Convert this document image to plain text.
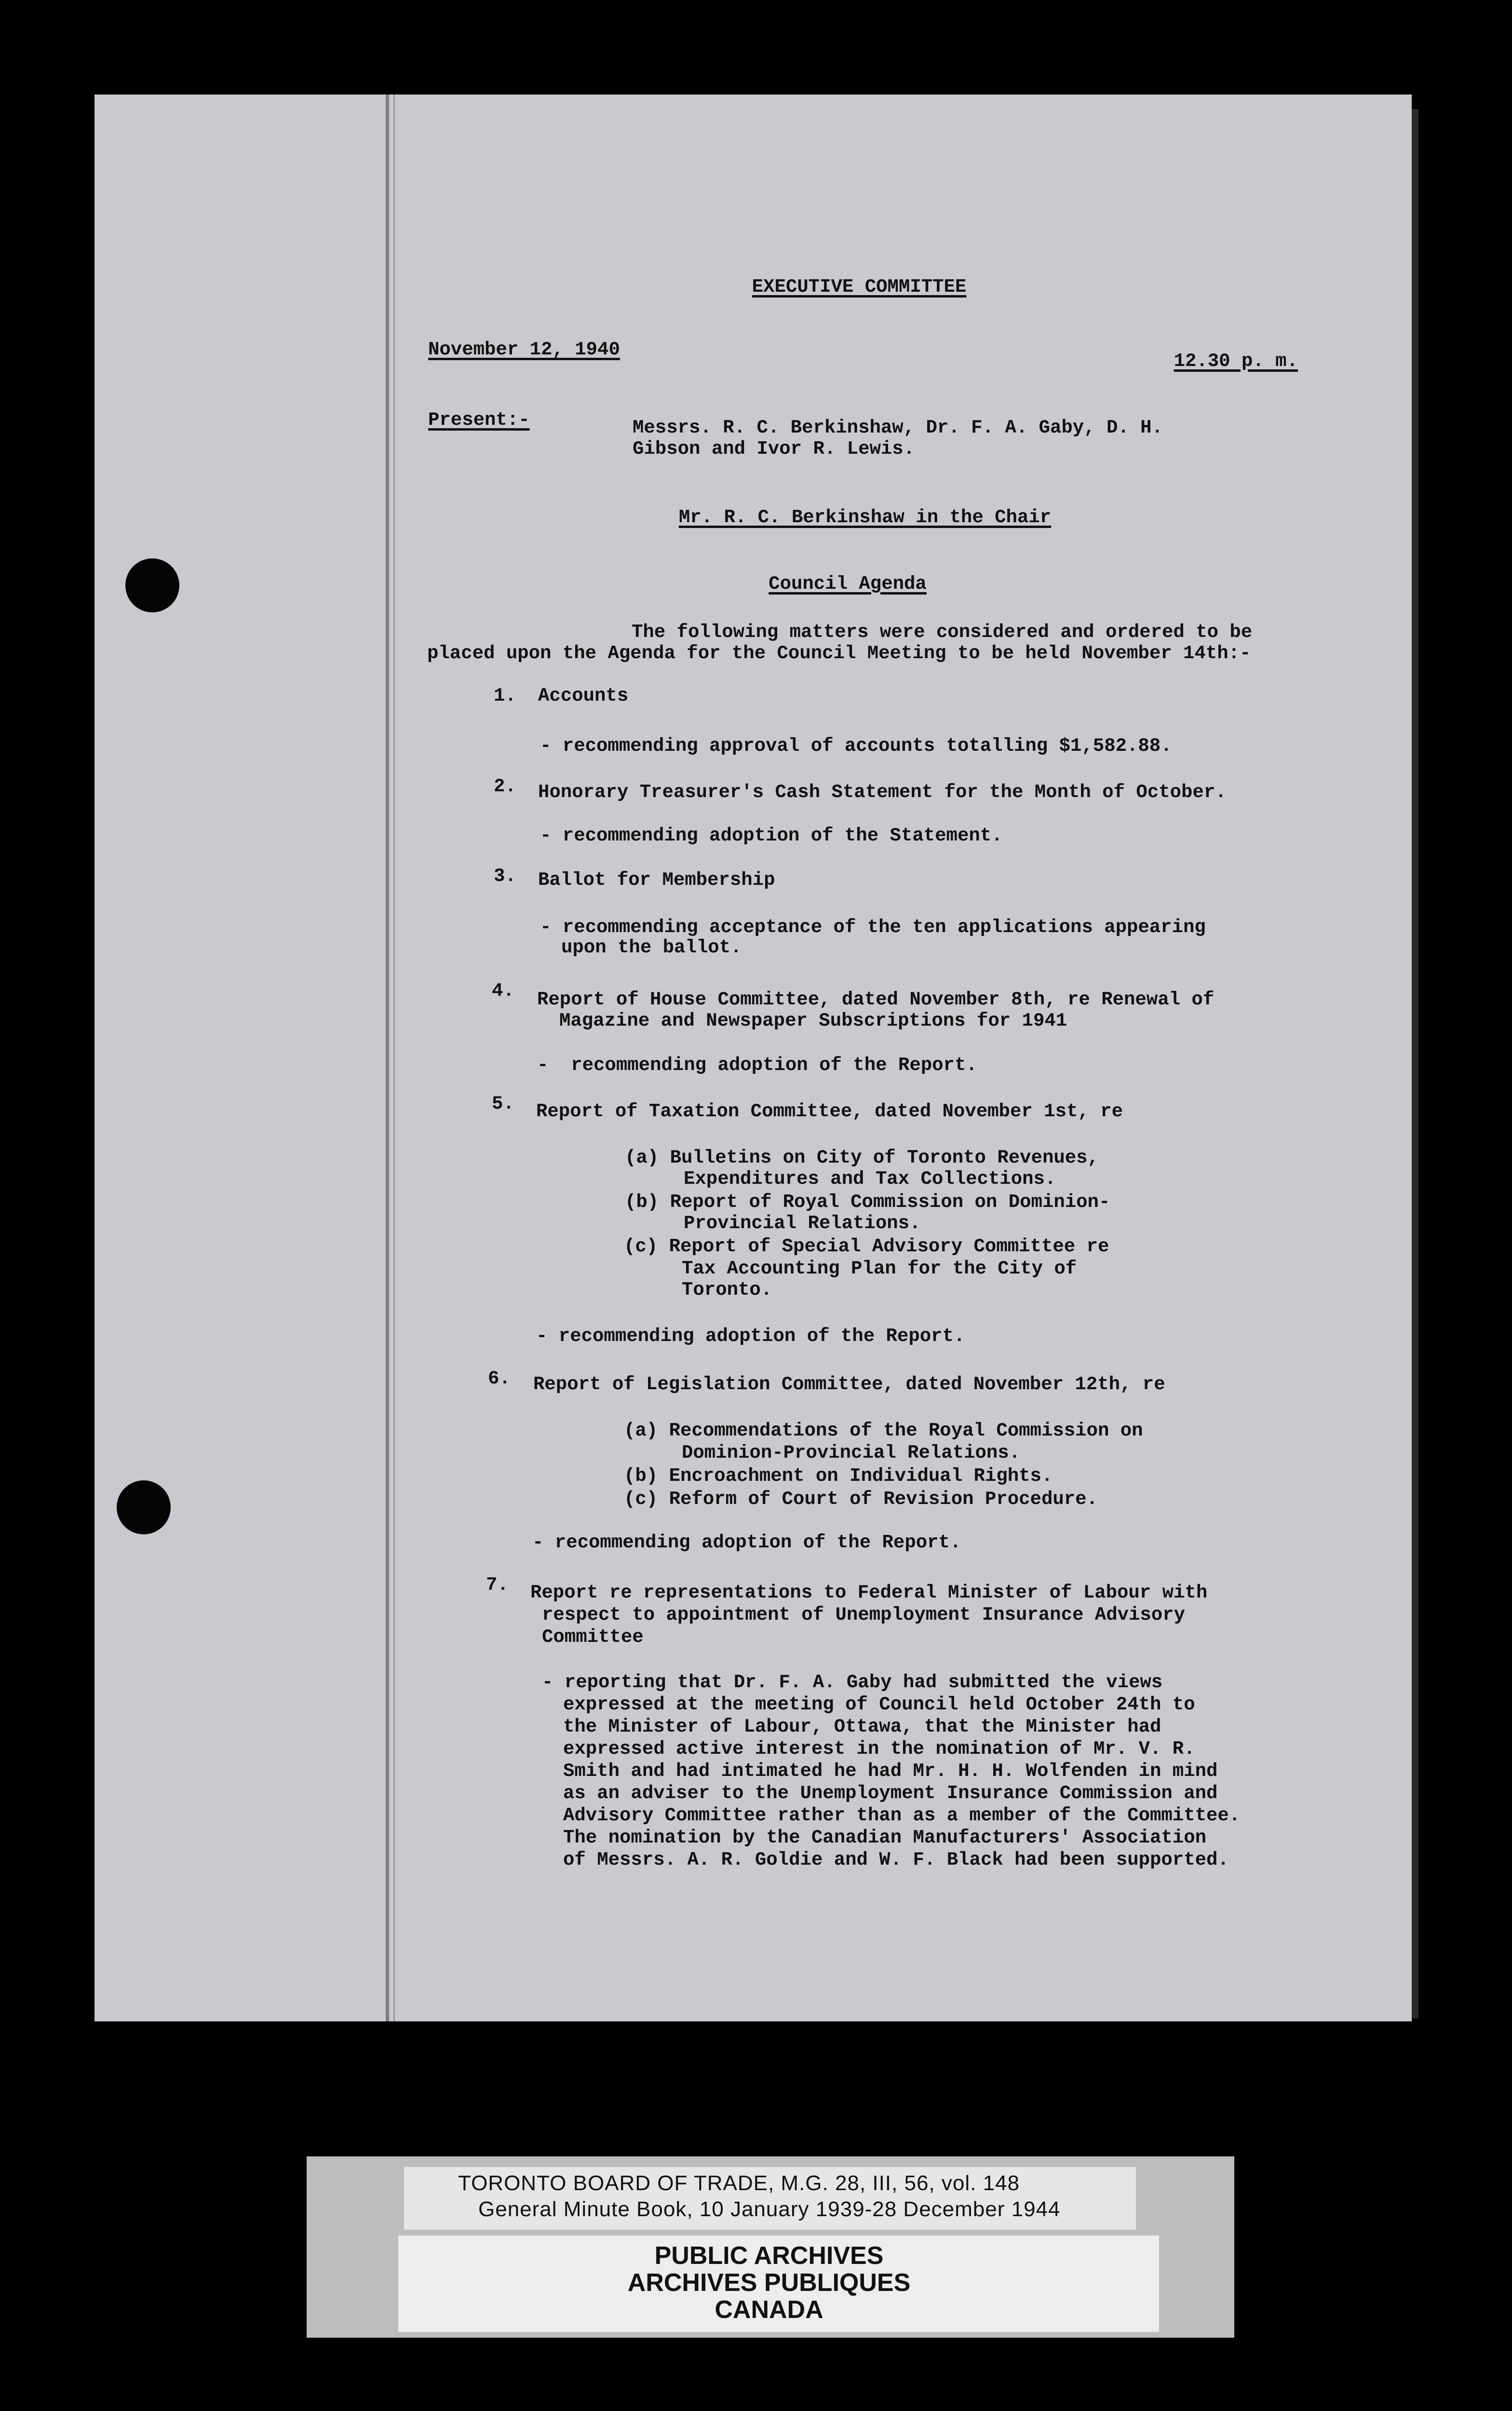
EXECUTIVE COMMITTEE
November 12, 1940
12.30 p. m.
Present:-	Messrs. R. C. Berkinshaw, Dr. F. A. Gaby, D. H.
Gibson and Ivor R. Lewis.
Mr. R. C. Berkinshaw in the Chair
Council Agenda
The following matters were considered and ordered to be
placed upon the Agenda for the Council Meeting to be held November 14th:-
1. Accounts
- recommending approval of accounts totalling $1,582.88.
2. Honorary Treasurer's Cash Statement for the Month of October.
- recommending adoption of the Statement.
3. Ballot for Membership
- recommending acceptance of the ten applications appearing
upon the ballot.
4. Report of House Committee, dated November 8th, re Renewal of
Magazine and Newspaper Subscriptions for 1941
-  recommending adoption of the Report.
5. Report of Taxation Committee, dated November 1st, re
(a) Bulletins on City of Toronto Revenues,
Expenditures and Tax Collections.
(b) Report of Royal Commission on Dominion-
Provincial Relations.
(c) Report of Special Advisory Committee re
Tax Accounting Plan for the City of
Toronto.
- recommending adoption of the Report.
6. Report of Legislation Committee, dated November 12th, re
(a) Recommendations of the Royal Commission on
Dominion-Provincial Relations.
(b) Encroachment on Individual Rights.
(c) Reform of Court of Revision Procedure.
- recommending adoption of the Report.
7. Report re representations to Federal Minister of Labour with
respect to appointment of Unemployment Insurance Advisory
Committee
- reporting that Dr. F. A. Gaby had submitted the views
expressed at the meeting of Council held October 24th to
the Minister of Labour, Ottawa, that the Minister had
expressed active interest in the nomination of Mr. V. R.
Smith and had intimated he had Mr. H. H. Wolfenden in mind
as an adviser to the Unemployment Insurance Commission and
Advisory Committee rather than as a member of the Committee.
The nomination by the Canadian Manufacturers' Association
of Messrs. A. R. Goldie and W. F. Black had been supported.
TORONTO BOARD OF TRADE, M.G. 28, III, 56, vol. 148
General Minute Book, 10 January 1939-28 December 1944
PUBLIC ARCHIVES
ARCHIVES PUBLIQUES
CANADA
